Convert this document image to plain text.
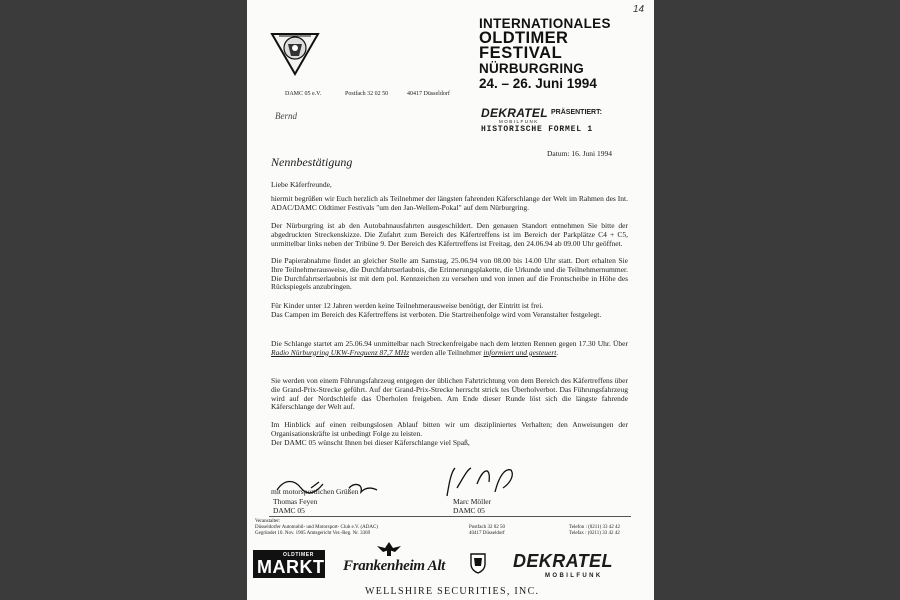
14
INTERNATIONALES
OLDTIMER
FESTIVAL
NÜRBURGRING
24. – 26. Juni 1994
DAMC 05 e.V.	Postfach 32 02 50	40417 Düsseldorf
Bernd	DEKRATEL
MOBILFUNK
PRÄSENTIERT:
HISTORISCHE FORMEL 1
Nennbestätigung
Datum: 16. Juni 1994
Liebe Käferfreunde,

hiermit begrüßen wir Euch herzlich als Teilnehmer der längsten fahrenden Käferschlange der Welt im Rahmen des Int. ADAC/DAMC Oldtimer Festivals "um den Jan-Wellem-Pokal" auf dem Nürburgring.

Der Nürburgring ist ab den Autobahnausfahrten ausgeschildert. Den genauen Standort entnehmen Sie bitte der abgedruckten Streckenskizze. Die Zufahrt zum Bereich des Käfertreffens ist im Bereich der Parkplätze C4 + C5, unmittelbar links neben der Tribüne 9. Der Bereich des Käfertreffens ist Freitag, den 24.06.94 ab 09.00 Uhr geöffnet.

Die Papierabnahme findet an gleicher Stelle am Samstag, 25.06.94 von 08.00 bis 14.00 Uhr statt. Dort erhalten Sie Ihre Teilnehmerausweise, die Durchfahrtserlaubnis, die Erinnerungsplakette, die Urkunde und die Teilnehmernummer. Die Durchfahrtserlaubnis ist mit dem pol. Kennzeichen zu versehen und von innen auf die Frontscheibe in Höhe des Rückspiegels anzubringen.

Für Kinder unter 12 Jahren werden keine Teilnehmerausweise benötigt, der Eintritt ist frei.

Das Campen im Bereich des Käfertreffens ist verboten. Die Startreihenfolge wird vom Veranstalter festgelegt.

Die Schlange startet am 25.06.94 unmittelbar nach Streckenfreigabe nach dem letzten Rennen gegen 17.30 Uhr. Über Radio Nürburgring UKW-Frequenz 87,7 MHz werden alle Teilnehmer informiert und gesteuert.

Sie werden von einem Führungsfahrzeug entgegen der üblichen Fahrtrichtung von dem Bereich des Käfertreffens über die Grand-Prix-Strecke geführt. Auf der Grand-Prix-Strecke herrscht strick tes Überholverbot. Das Führungsfahrzeug wird auf der Nordschleife das Überholen freigeben. Am Ende dieser Runde löst sich die längste fahrende Käferschlange der Welt auf.

Im Hinblick auf einen reibungslosen Ablauf bitten wir um diszipliniertes Verhalten; den Anweisungen der Organisationskräfte ist unbedingt Folge zu leisten.

Der DAMC 05 wünscht Ihnen bei dieser Käferschlange viel Spaß,

mit motorsportlichen Grüßen
Thomas Feyen
DAMC 05
Marc Möller
DAMC 05
Veranstalter:
Düsseldorfer Automobil- und Motorsport- Club e.V. (ADAC)
Gegründet 10. Nov. 1905 Amtsgericht Ver.-Reg. Nr. 3369
Postfach 32 02 50
40417 Düsseldorf
Telefon : (0211) 33 42 42
Telefax : (0211) 33 42 42
OLDTIMER
MARKT Frankenheim Alt	DEKRATEL
MOBILFUNK
WELLSHIRE SECURITIES, INC.
